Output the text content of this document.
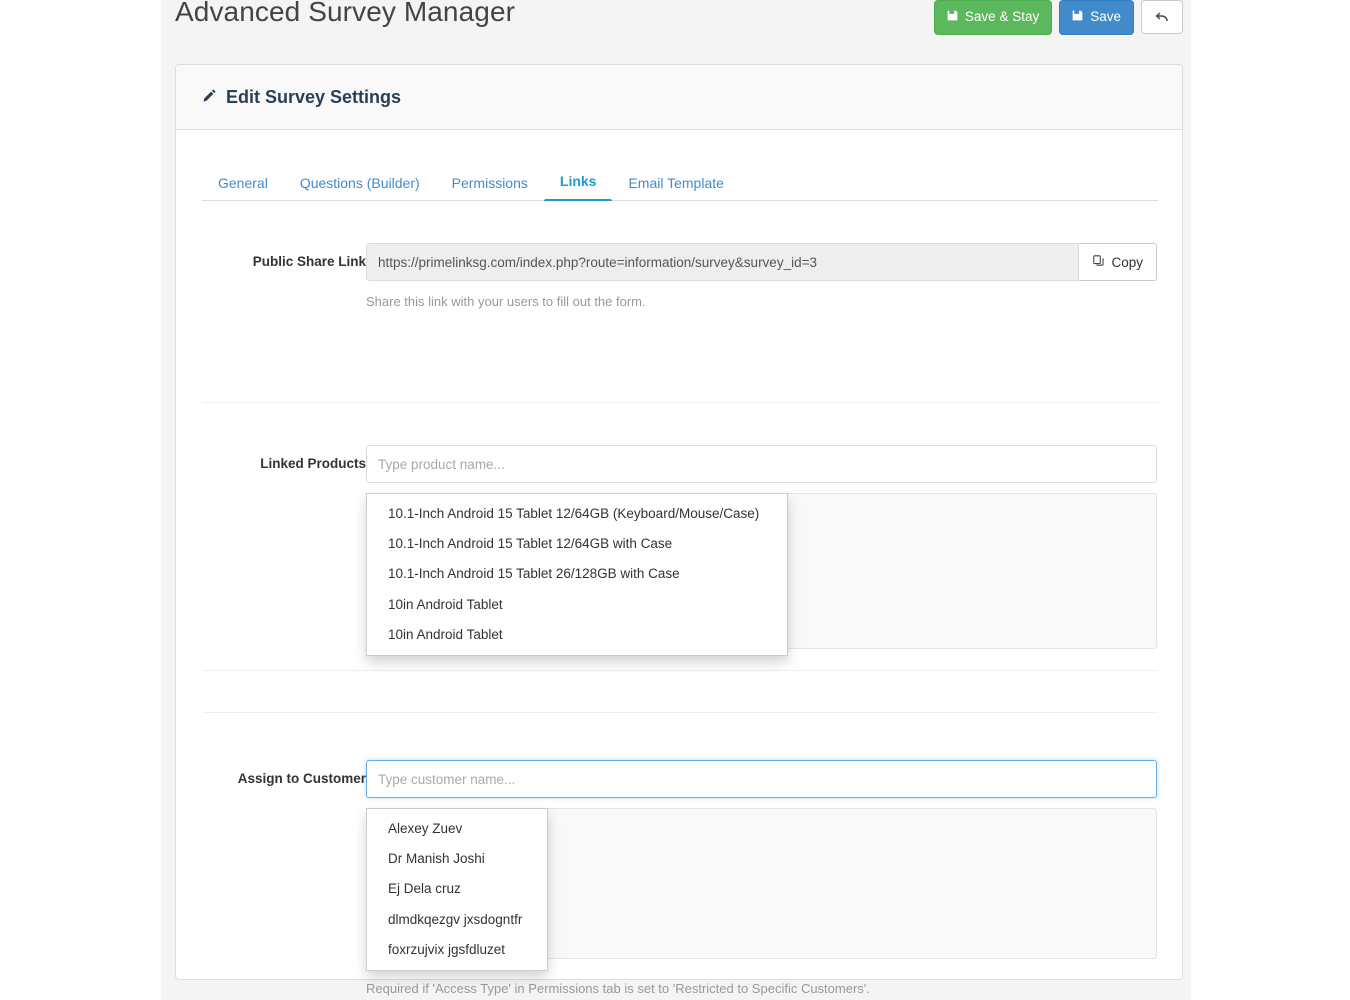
Advanced Survey Manager	Save & Stay	Save
Edit Survey Settings
General	Questions (Builder)	Permissions	Links	Email Template
Public Share Link
https://primelinksg.com/index.php?route=information/survey&survey_id=3	Copy
Share this link with your users to fill out the form.
Linked Products
Type product name...
10.1-Inch Android 15 Tablet 12/64GB (Keyboard/Mouse/Case)
10.1-Inch Android 15 Tablet 12/64GB with Case
10.1-Inch Android 15 Tablet 26/128GB with Case
10in Android Tablet
10in Android Tablet
Assign to Customer
Type customer name...
Alexey Zuev
Dr Manish Joshi
Ej Dela cruz
dlmdkqezgv jxsdogntfr
foxrzujvix jgsfdluzet
Required if 'Access Type' in Permissions tab is set to 'Restricted to Specific Customers'.
